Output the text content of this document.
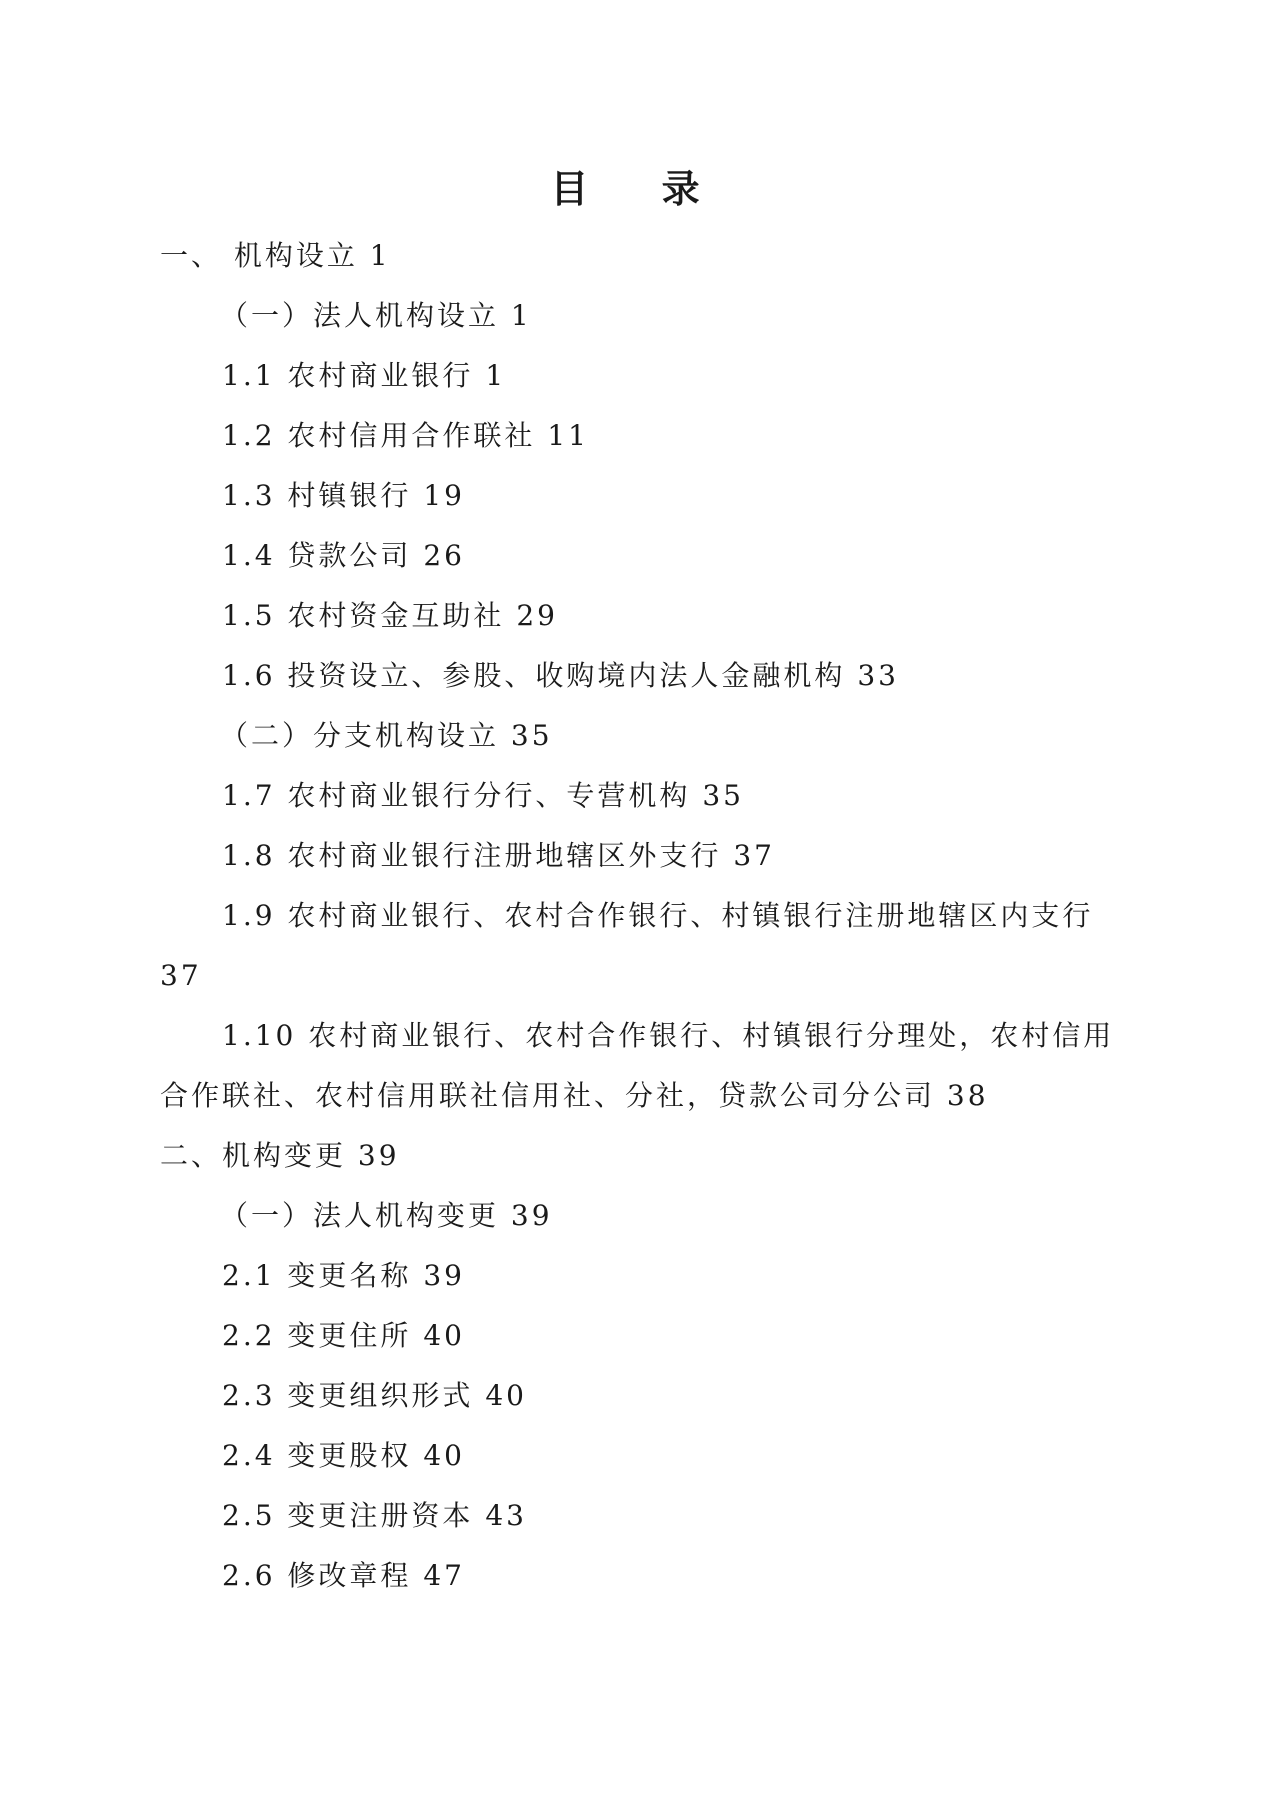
目 录
一、 机构设立 1
（一）法人机构设立 1
1.1 农村商业银行 1
1.2 农村信用合作联社 11
1.3 村镇银行 19
1.4 贷款公司 26
1.5 农村资金互助社 29
1.6 投资设立、参股、收购境内法人金融机构 33
（二）分支机构设立 35
1.7 农村商业银行分行、专营机构 35
1.8 农村商业银行注册地辖区外支行 37
1.9 农村商业银行、农村合作银行、村镇银行注册地辖区内支行
37
1.10 农村商业银行、农村合作银行、村镇银行分理处，农村信用
合作联社、农村信用联社信用社、分社，贷款公司分公司 38
二、机构变更 39
（一）法人机构变更 39
2.1 变更名称 39
2.2 变更住所 40
2.3 变更组织形式 40
2.4 变更股权 40
2.5 变更注册资本 43
2.6 修改章程 47
